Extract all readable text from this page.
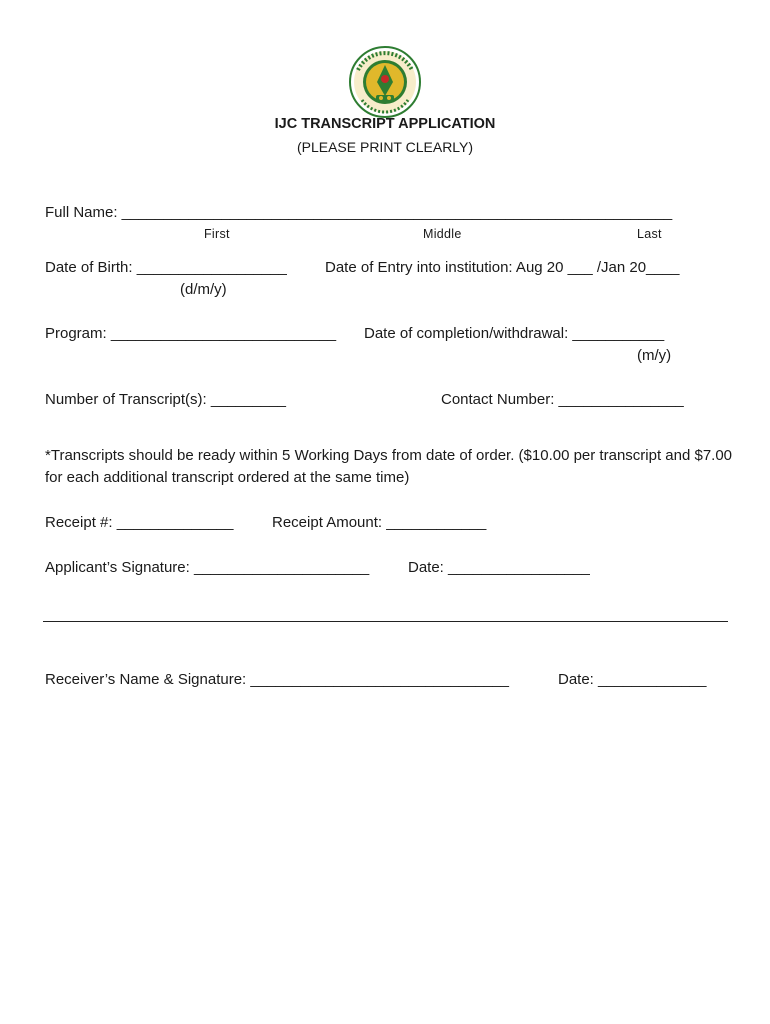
IJC TRANSCRIPT APPLICATION
(PLEASE PRINT CLEARLY)
Full Name: __________________________________________________________________
First	Middle	Last
Date of Birth: __________________	Date of Entry into institution: Aug 20 ___ /Jan 20____
(d/m/y)
Program: ___________________________ Date of completion/withdrawal: ___________
(m/y)
Number of Transcript(s): _________	Contact Number: _______________
*Transcripts should be ready within 5 Working Days from date of order. ($10.00 per transcript and $7.00 for each additional transcript ordered at the same time)
Receipt #: ______________	Receipt Amount: ____________
Applicant’s Signature: _____________________	Date: _________________
Receiver’s Name & Signature: _______________________________	Date: _____________
